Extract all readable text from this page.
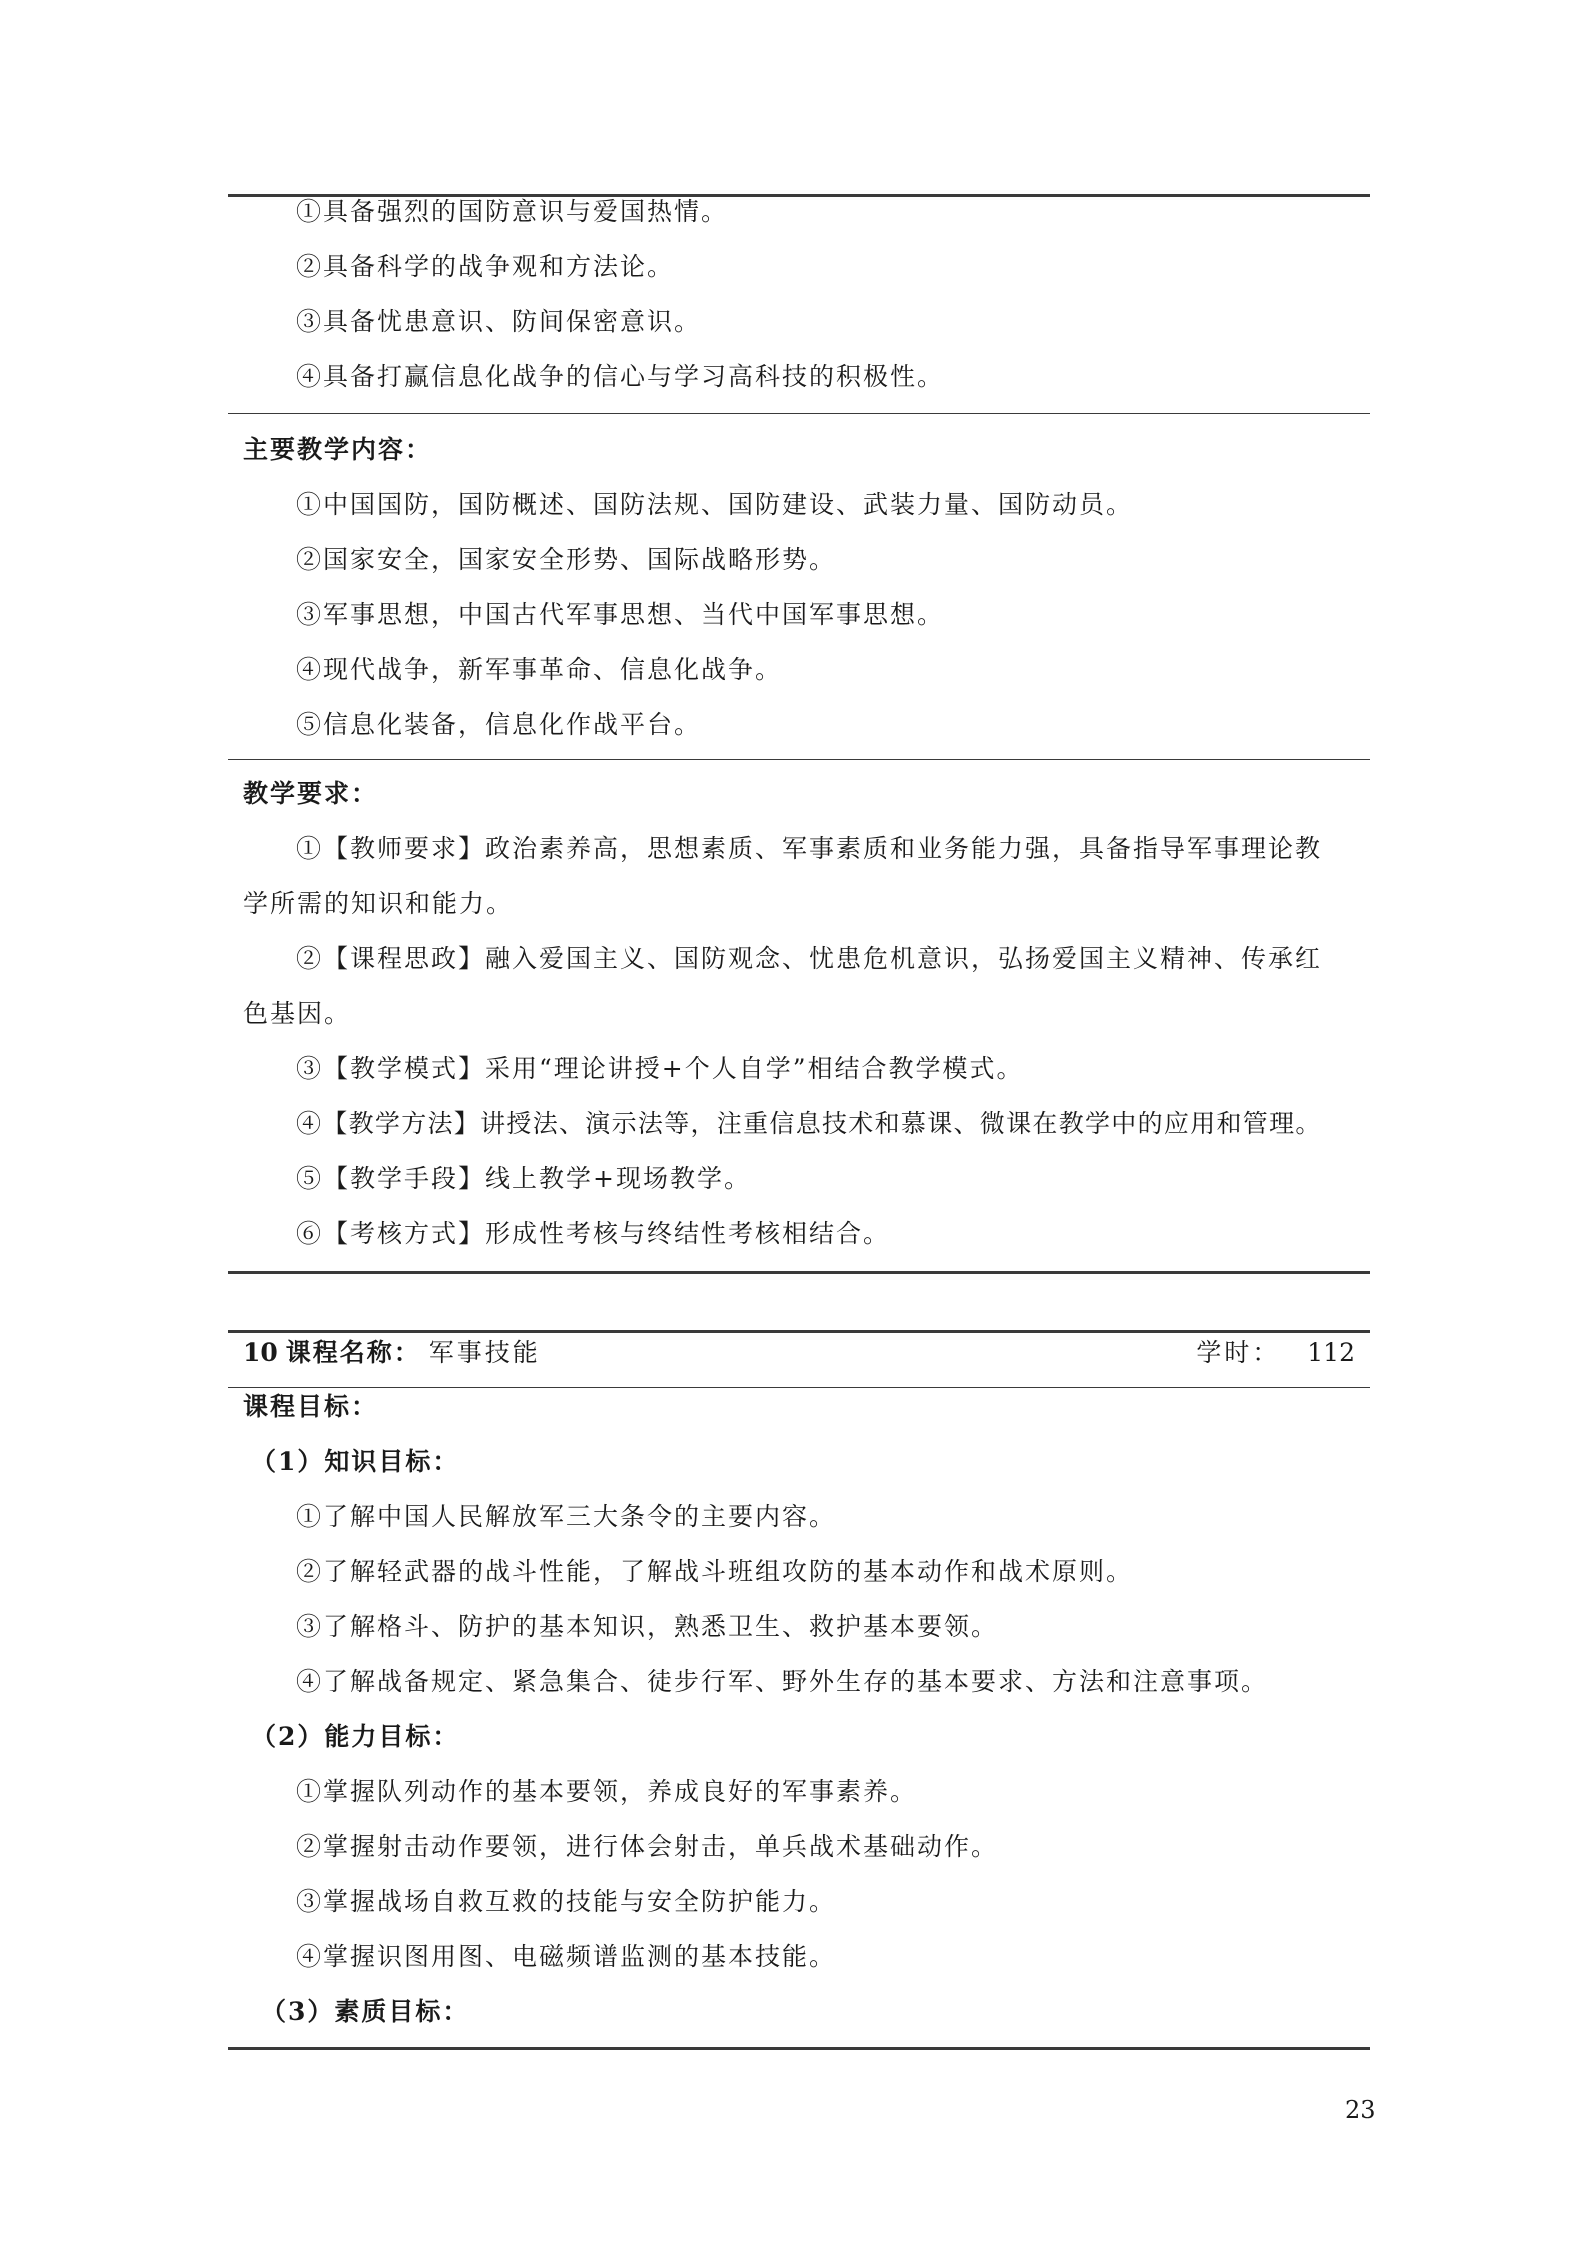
①具备强烈的国防意识与爱国热情。
②具备科学的战争观和方法论。
③具备忧患意识、防间保密意识。
④具备打赢信息化战争的信心与学习高科技的积极性。
主要教学内容：
①中国国防，国防概述、国防法规、国防建设、武装力量、国防动员。
②国家安全，国家安全形势、国际战略形势。
③军事思想，中国古代军事思想、当代中国军事思想。
④现代战争，新军事革命、信息化战争。
⑤信息化装备，信息化作战平台。
教学要求：
①【教师要求】政治素养高，思想素质、军事素质和业务能力强，具备指导军事理论教
学所需的知识和能力。
②【课程思政】融入爱国主义、国防观念、忧患危机意识，弘扬爱国主义精神、传承红
色基因。
③【教学模式】采用“理论讲授+个人自学”相结合教学模式。
④【教学方法】讲授法、演示法等，注重信息技术和慕课、微课在教学中的应用和管理。
⑤【教学手段】线上教学+现场教学。
⑥【考核方式】形成性考核与终结性考核相结合。
10 课程名称： 军事技能	学时： 112
课程目标：
（1）知识目标：
①了解中国人民解放军三大条令的主要内容。
②了解轻武器的战斗性能，了解战斗班组攻防的基本动作和战术原则。
③了解格斗、防护的基本知识，熟悉卫生、救护基本要领。
④了解战备规定、紧急集合、徒步行军、野外生存的基本要求、方法和注意事项。
（2）能力目标：
①掌握队列动作的基本要领，养成良好的军事素养。
②掌握射击动作要领，进行体会射击，单兵战术基础动作。
③掌握战场自救互救的技能与安全防护能力。
④掌握识图用图、电磁频谱监测的基本技能。
（3）素质目标：
23
